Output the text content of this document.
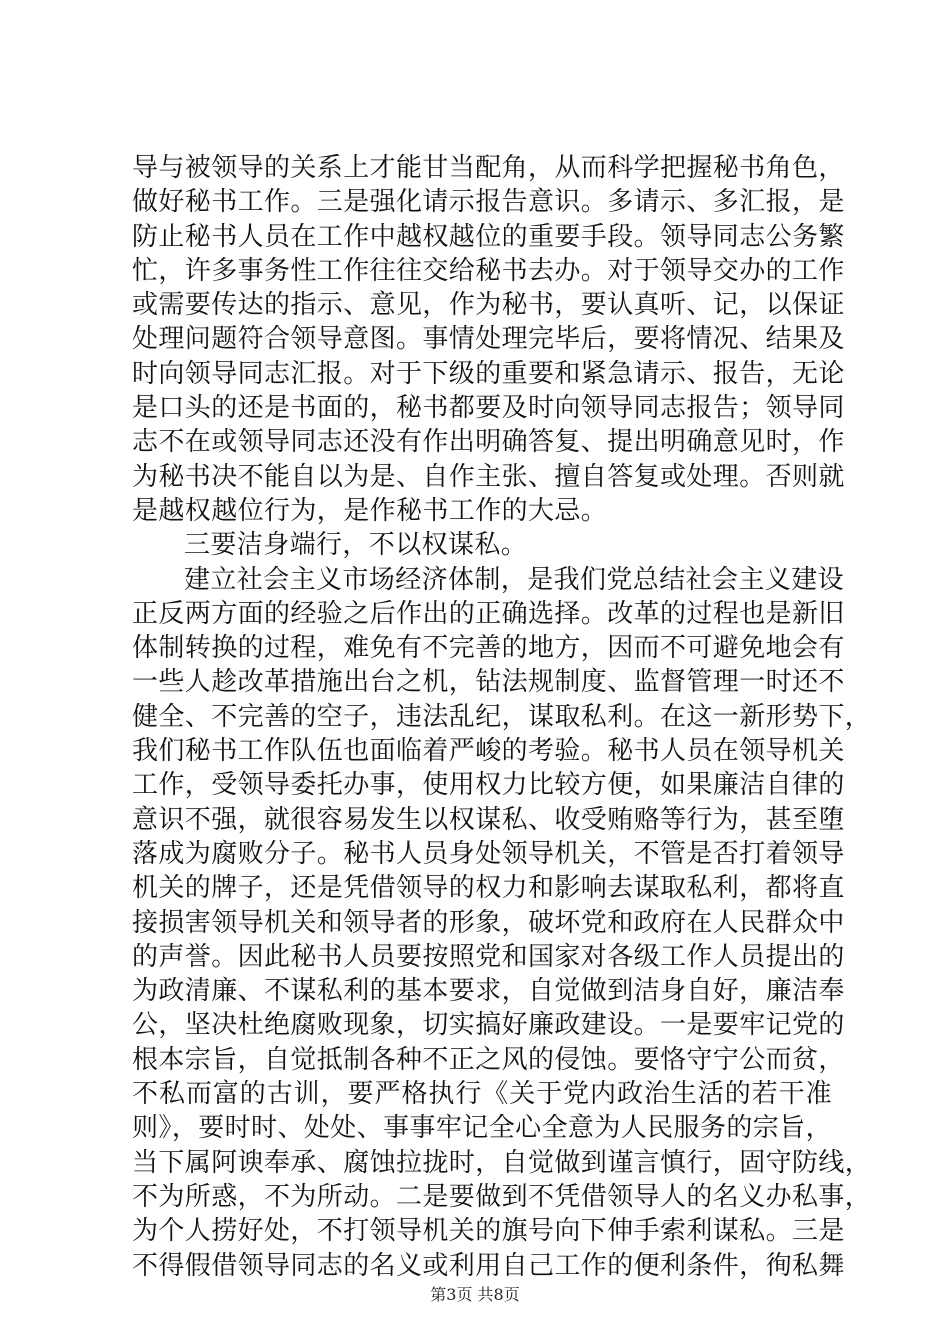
导与被领导的关系上才能甘当配角，从而科学把握秘书角色，
做好秘书工作。三是强化请示报告意识。多请示、多汇报，是
防止秘书人员在工作中越权越位的重要手段。领导同志公务繁
忙，许多事务性工作往往交给秘书去办。对于领导交办的工作
或需要传达的指示、意见，作为秘书，要认真听、记，以保证
处理问题符合领导意图。事情处理完毕后，要将情况、结果及
时向领导同志汇报。对于下级的重要和紧急请示、报告，无论
是口头的还是书面的，秘书都要及时向领导同志报告；领导同
志不在或领导同志还没有作出明确答复、提出明确意见时，作
为秘书决不能自以为是、自作主张、擅自答复或处理。否则就
是越权越位行为，是作秘书工作的大忌。
三要洁身端行，不以权谋私。
建立社会主义市场经济体制，是我们党总结社会主义建设
正反两方面的经验之后作出的正确选择。改革的过程也是新旧
体制转换的过程，难免有不完善的地方，因而不可避免地会有
一些人趁改革措施出台之机，钻法规制度、监督管理一时还不
健全、不完善的空子，违法乱纪，谋取私利。在这一新形势下，
我们秘书工作队伍也面临着严峻的考验。秘书人员在领导机关
工作，受领导委托办事，使用权力比较方便，如果廉洁自律的
意识不强，就很容易发生以权谋私、收受贿赂等行为，甚至堕
落成为腐败分子。秘书人员身处领导机关，不管是否打着领导
机关的牌子，还是凭借领导的权力和影响去谋取私利，都将直
接损害领导机关和领导者的形象，破坏党和政府在人民群众中
的声誉。因此秘书人员要按照党和国家对各级工作人员提出的
为政清廉、不谋私利的基本要求，自觉做到洁身自好，廉洁奉
公，坚决杜绝腐败现象，切实搞好廉政建设。一是要牢记党的
根本宗旨，自觉抵制各种不正之风的侵蚀。要恪守宁公而贫，
不私而富的古训，要严格执行《关于党内政治生活的若干准
则》，要时时、处处、事事牢记全心全意为人民服务的宗旨，
当下属阿谀奉承、腐蚀拉拢时，自觉做到谨言慎行，固守防线，
不为所惑，不为所动。二是要做到不凭借领导人的名义办私事，
为个人捞好处，不打领导机关的旗号向下伸手索利谋私。三是
不得假借领导同志的名义或利用自己工作的便利条件，徇私舞
第3页 共8页
